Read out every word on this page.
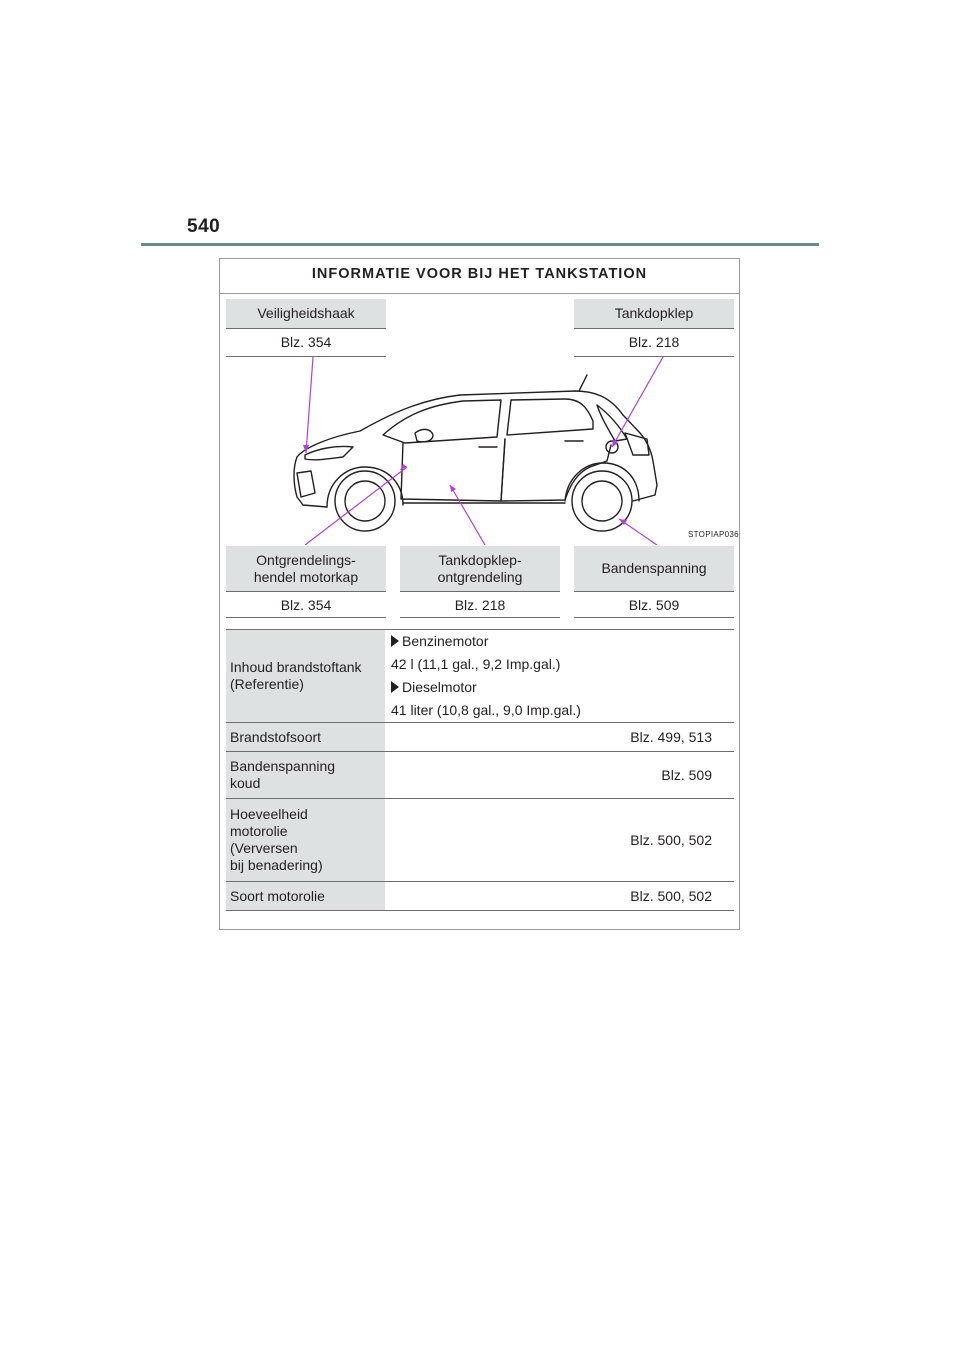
540
INFORMATIE VOOR BIJ HET TANKSTATION
Veiligheidshaak
Blz. 354
Tankdopklep
Blz. 218
STOPIAP036
Ontgrendelings-
hendel motorkap
Blz. 354
Tankdopklep-
ontgrendeling
Blz. 218
Bandenspanning
Blz. 509
Inhoud brandstoftank
(Referentie)
Benzinemotor
42 l (11,1 gal., 9,2 Imp.gal.)
Dieselmotor
41 liter (10,8 gal., 9,0 Imp.gal.)
Brandstofsoort	Blz. 499, 513
Bandenspanning
koud
Blz. 509
Hoeveelheid
motorolie
(Verversen
bij benadering)
Blz. 500, 502
Soort motorolie	Blz. 500, 502
